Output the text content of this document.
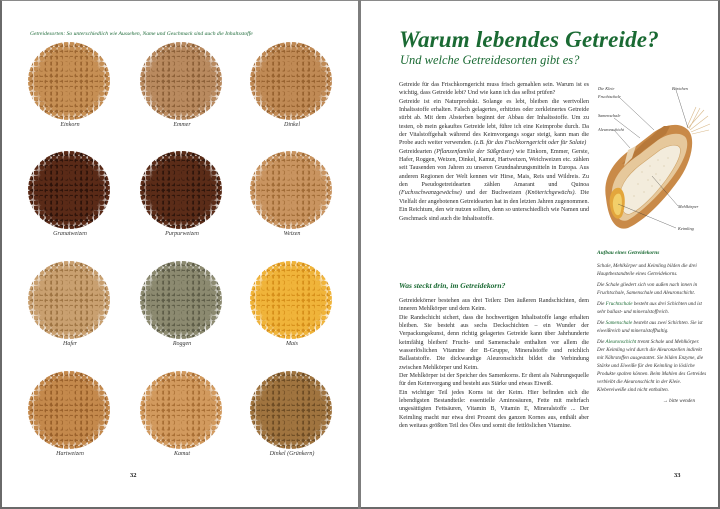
Getreidesorten: So unterschiedlich wie Aussehen, Name und Geschmack sind auch die Inhaltsstoffe
Einkorn	Emmer	Dinkel
Granatweizen	Purpurweizen	Weizen
Hafer	Roggen	Mais
Hartweizen	Kamut	Dinkel (Grünkern)
32
Warum lebendes Getreide?
Und welche Getreidesorten gibt es?

Getreide für das Frischkorngericht muss frisch gemahlen sein. Warum ist es wichtig, dass Getreide lebt? Und wie kann ich das selbst prüfen?

Getreide ist ein Naturprodukt. Solange es lebt, bleiben die wertvollen Inhaltsstoffe erhalten. Falsch gelagertes, erhitztes oder zerkleinertes Getreide stirbt ab. Mit dem Absterben beginnt der Abbau der Inhaltsstoffe. Um zu testen, ob mein gekauftes Getreide lebt, führe ich eine Keimprobe durch. Da der Vitalstoffgehalt während des Keimvorgangs sogar steigt, kann man die Probe auch weiter verwenden. (z.B. für das Fischkorngericht oder für Salate)

Getreidearten (Pflanzenfamilie der Süßgräser) wie Einkorn, Emmer, Gerste, Hafer, Roggen, Weizen, Dinkel, Kamut, Hartweizen, Weichweizen etc. zählen seit Tausenden von Jahren zu unseren Grundnahrungsmitteln in Europa. Aus anderen Regionen der Welt kennen wir Hirse, Mais, Reis und Wildreis. Zu den Pseudogetreidearten zählen Amarant und Quinoa (Fuchsschwanzgewächse) und der Buchweizen (Knöterichgewächs). Die Vielfalt der angebotenen Getreidearten hat in den letzten Jahren zugenommen. Ein Reichtum, den wir nutzen sollten, denn so unterschiedlich wie Namen und Geschmack sind auch die Inhaltsstoffe.

Was steckt drin, im Getreidekorn?

Getreidekörner bestehen aus drei Teilen: Den äußeren Randschichten, dem inneren Mehlkörper und dem Keim.

Die Randschicht sichert, dass die hochwertigen Inhaltsstoffe lange erhalten bleiben. Sie besteht aus sechs Deckschichten – ein Wunder der Verpackungskunst, denn richtig gelagertes Getreide kann über Jahrhunderte keimfähig bleiben! Frucht- und Samenschale enthalten vor allem die wasserlöslichen Vitamine der B-Gruppe, Mineralstoffe und reichlich Ballaststoffe. Die dickwandige Aleuronschicht bildet die Verbindung zwischen Mehlkörper und Keim.

Der Mehlkörper ist der Speicher des Samenkorns. Er dient als Nahrungsquelle für den Keimvorgang und besteht aus Stärke und etwas Eiweiß.

Ein wichtiger Teil jedes Korns ist der Keim. Hier befinden sich die lebendigsten Bestandteile: essentielle Aminosäuren, Fette mit mehrfach ungesättigten Fettsäuren, Vitamin B, Vitamin E, Mineralstoffe ... Der Keimling macht nur etwa drei Prozent des ganzen Kornes aus, enthält aber den weitaus größten Teil des Öles und somit die fettlöslichen Vitamine.

Die Kleie
Fruchtschale
Samenschale
Aleuronschicht
Bärtchen
Mehlkörper
Keimling

Aufbau eines Getreidekorns

Schale, Mehlkörper und Keimling bilden die drei Hauptbestandteile eines Getreidekorns.

Die Schale gliedert sich von außen nach innen in Fruchtschale, Samenschale und Aleuronschicht.

Die Fruchtschale besteht aus drei Schichten und ist sehr ballast- und mineralstoffreich.

Die Samenschale besteht aus zwei Schichten. Sie ist eiweißreich und mineralstoffhaltig.

Die Aleuronschicht trennt Schale und Mehlkörper. Der Keimling wird durch die Aleuronzellen indirekt mit Nährstoffen ausgestattet. Sie bilden Enzyme, die Stärke und Eiweiße für den Keimling in lösliche Produkte spalten können. Beim Mahlen des Getreides verbleibt die Aleuronschicht in der Kleie. Klebereiweiße sind nicht enthalten.

→ bitte wenden

33
